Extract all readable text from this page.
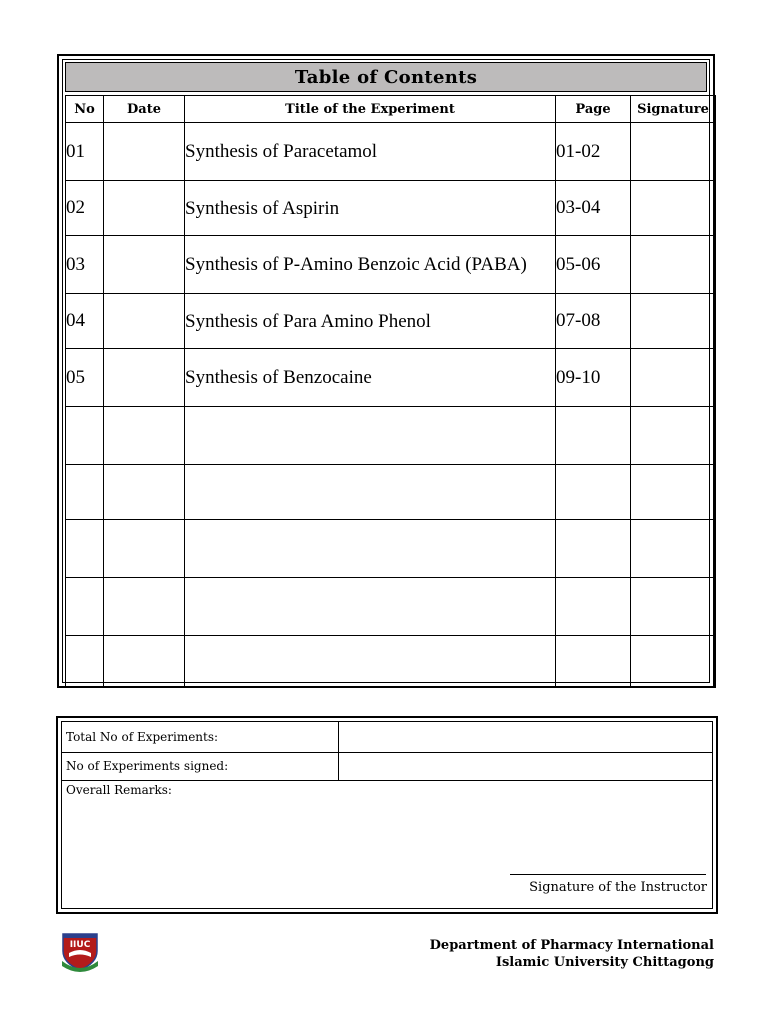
Table of Contents
No	Date	Title of the Experiment	Page	Signature
01		Synthesis of Paracetamol	01-02	
02		Synthesis of Aspirin	03-04	
03		Synthesis of P-Amino Benzoic Acid (PABA)	05-06	
04		Synthesis of Para Amino Phenol	07-08	
05		Synthesis of Benzocaine	09-10	

Total No of Experiments:
No of Experiments signed:
Overall Remarks:
Signature of the Instructor
IIUC	Department of Pharmacy International
Islamic University Chittagong
